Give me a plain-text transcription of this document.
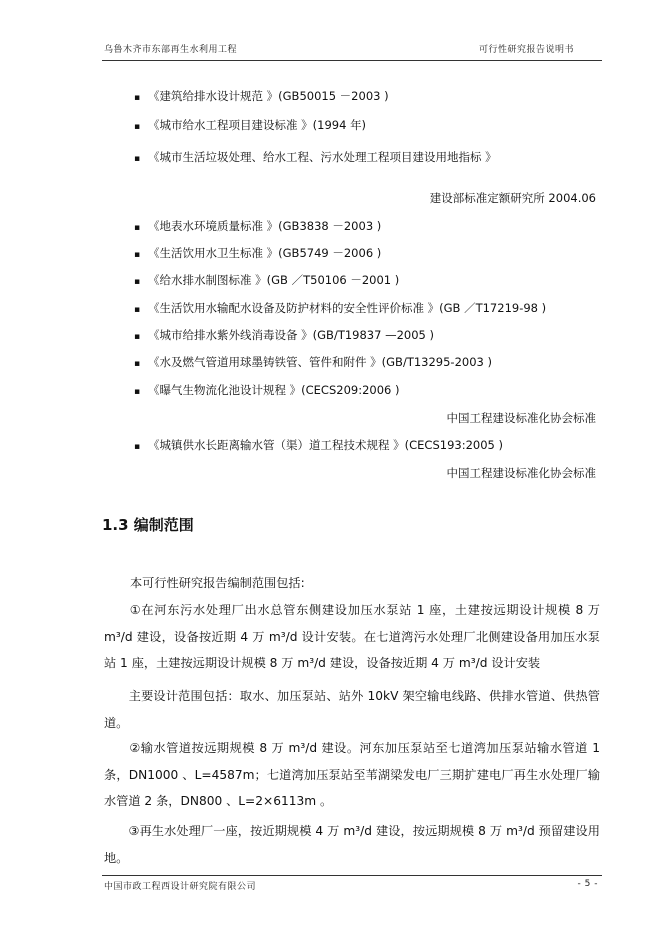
乌鲁木齐市东部再生水利用工程	可行性研究报告说明书
▪ 《建筑给排水设计规范 》(GB50015 －2003 )
▪ 《城市给水工程项目建设标准 》(1994 年)
▪ 《城市生活垃圾处理、给水工程、污水处理工程项目建设用地指标 》
建设部标准定额研究所 2004.06
▪ 《地表水环境质量标准 》(GB3838 －2003 )
▪ 《生活饮用水卫生标准 》(GB5749 －2006 )
▪ 《给水排水制图标准 》(GB ／T50106 －2001 )
▪ 《生活饮用水输配水设备及防护材料的安全性评价标准 》(GB ／T17219-98 )
▪ 《城市给排水紫外线消毒设备 》(GB/T19837 —2005 )
▪ 《水及燃气管道用球墨铸铁管、管件和附件 》(GB/T13295-2003 )
▪ 《曝气生物流化池设计规程 》(CECS209:2006 )
中国工程建设标准化协会标准
▪ 《城镇供水长距离输水管（渠）道工程技术规程 》(CECS193:2005 )
中国工程建设标准化协会标准
1.3 编制范围
本可行性研究报告编制范围包括:
　　①在河东污水处理厂出水总管东侧建设加压水泵站 1 座，土建按远期设计规模 8 万 m³/d 建设，设备按近期 4 万 m³/d 设计安装。在七道湾污水处理厂北侧建设备用加压水泵站 1 座，土建按远期设计规模 8 万 m³/d 建设，设备按近期 4 万 m³/d 设计安装
　　主要设计范围包括：取水、加压泵站、站外 10kV 架空输电线路、供排水管道、供热管道。
　　②输水管道按远期规模 8 万 m³/d 建设。河东加压泵站至七道湾加压泵站输水管道 1 条，DN1000 、L=4587m；七道湾加压泵站至苇湖梁发电厂三期扩建电厂再生水处理厂输水管道 2 条，DN800 、L=2×6113m 。
　　③再生水处理厂一座，按近期规模 4 万 m³/d 建设，按远期规模 8 万 m³/d 预留建设用地。
中国市政工程西设计研究院有限公司	- 5 -
